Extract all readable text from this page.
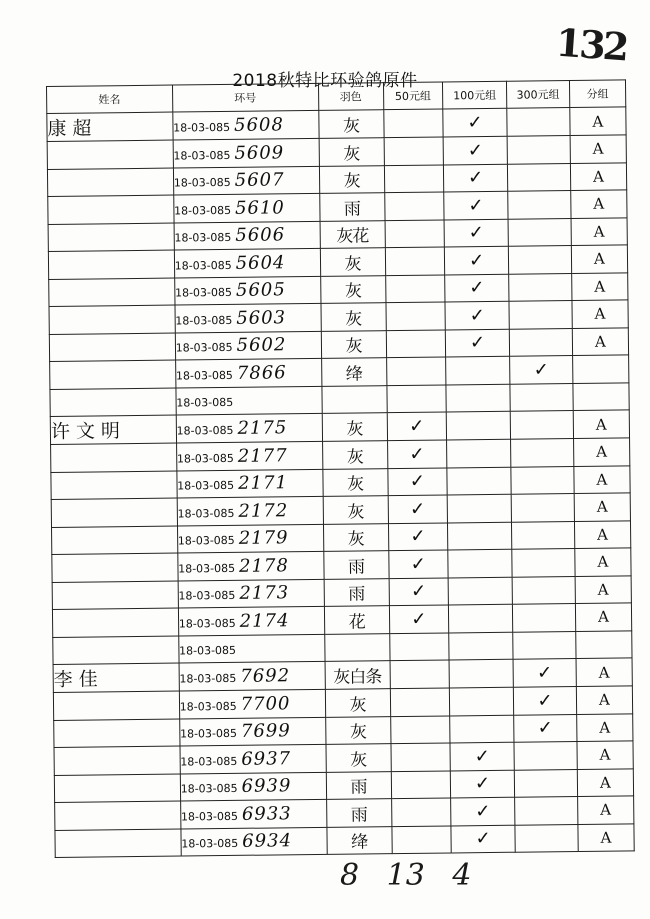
132
2018秋特比环验鸽原件
姓名	环号	羽色	50元组	100元组	300元组	分组
康超	18-03-085 5608	灰		✓		A
	18-03-085 5609	灰		✓		A
	18-03-085 5607	灰		✓		A
	18-03-085 5610	雨		✓		A
	18-03-085 5606	灰花		✓		A
	18-03-085 5604	灰		✓		A
	18-03-085 5605	灰		✓		A
	18-03-085 5603	灰		✓		A
	18-03-085 5602	灰		✓		A
	18-03-085 7866	绛			✓	
	18-03-085					
许文明	18-03-085 2175	灰	✓			A
	18-03-085 2177	灰	✓			A
	18-03-085 2171	灰	✓			A
	18-03-085 2172	灰	✓			A
	18-03-085 2179	灰	✓			A
	18-03-085 2178	雨	✓			A
	18-03-085 2173	雨	✓			A
	18-03-085 2174	花	✓			A
	18-03-085					
李佳	18-03-085 7692	灰白条			✓	A
	18-03-085 7700	灰			✓	A
	18-03-085 7699	灰			✓	A
	18-03-085 6937	灰		✓		A
	18-03-085 6939	雨		✓		A
	18-03-085 6933	雨		✓		A
	18-03-085 6934	绛		✓		A
8 13 4
